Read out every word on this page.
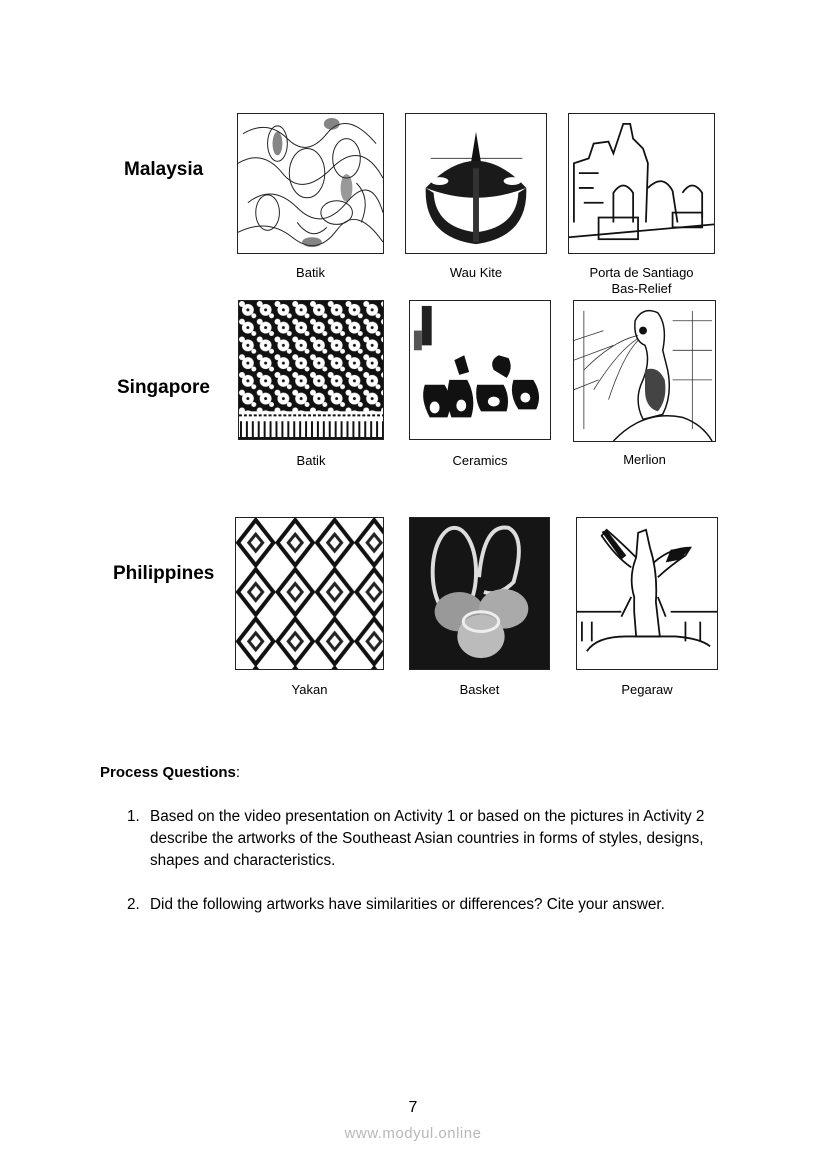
Malaysia
Batik	Wau Kite	Porta de Santiago
Bas-Relief
Singapore
Batik	Ceramics	Merlion
Philippines
Yakan	Basket	Pegaraw
Process Questions:
1. Based on the video presentation on Activity 1 or based on the pictures in Activity 2 describe the artworks of the Southeast Asian countries in forms of styles, designs, shapes and characteristics.
2. Did the following artworks have similarities or differences? Cite your answer.
7
www.modyul.online
